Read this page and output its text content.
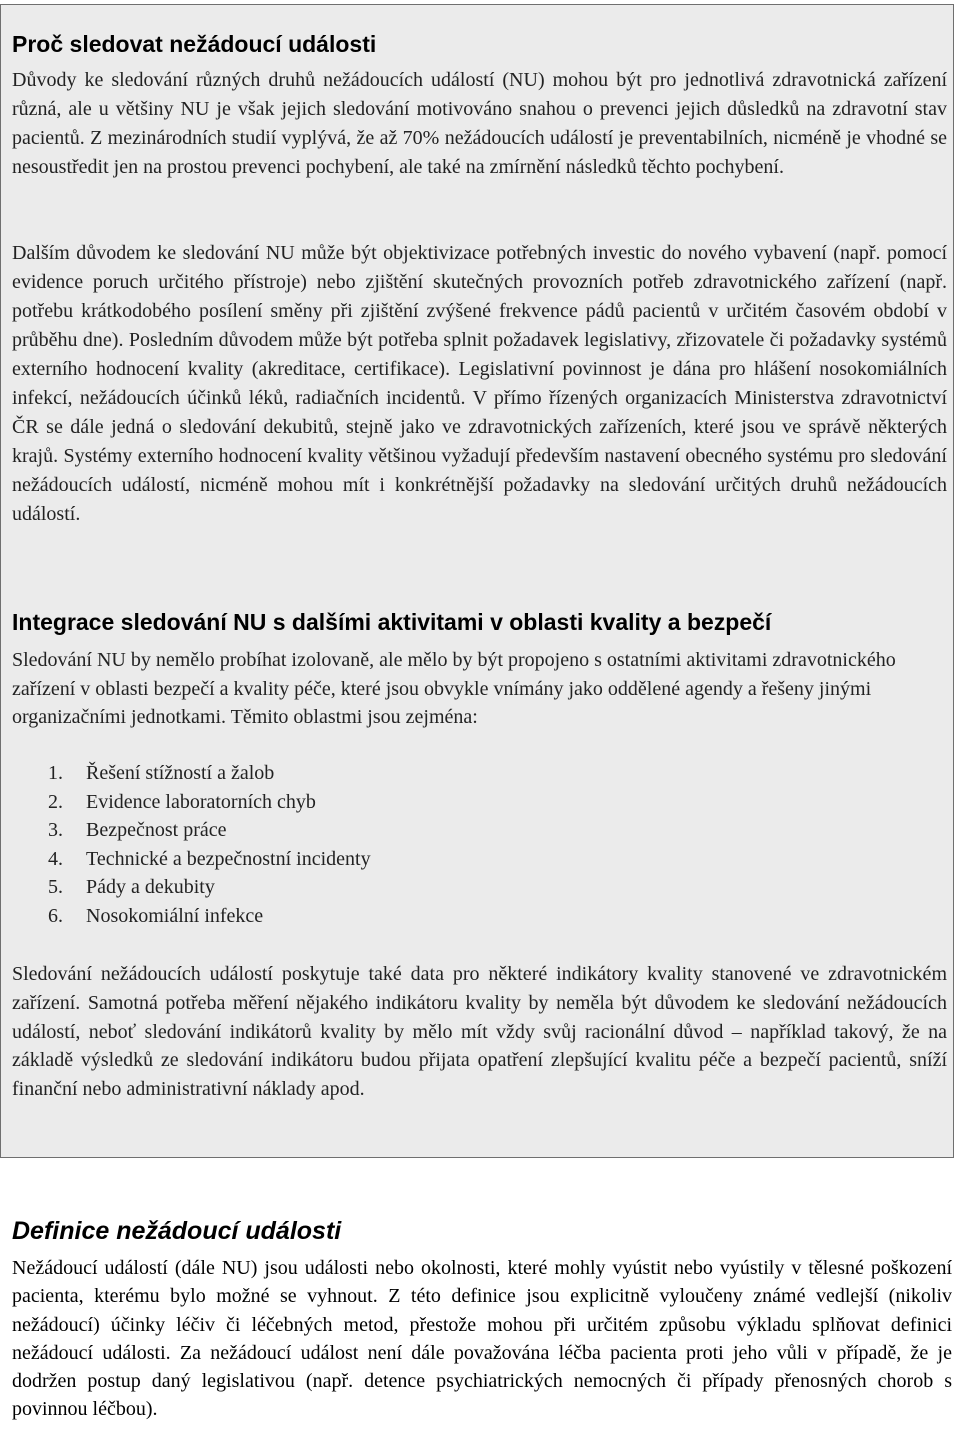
Proč sledovat nežádoucí události

Důvody ke sledování různých druhů nežádoucích událostí (NU) mohou být pro jednotlivá zdravotnická zařízení různá, ale u většiny NU je však jejich sledování motivováno snahou o prevenci jejich důsledků na zdravotní stav pacientů. Z mezinárodních studií vyplývá, že až 70% nežádoucích událostí je preventabilních, nicméně je vhodné se nesoustředit jen na prostou prevenci pochybení, ale také na zmírnění následků těchto pochybení.

Dalším důvodem ke sledování NU může být objektivizace potřebných investic do nového vybavení (např. pomocí evidence poruch určitého přístroje) nebo zjištění skutečných provozních potřeb zdravotnického zařízení (např. potřebu krátkodobého posílení směny při zjištění zvýšené frekvence pádů pacientů v určitém časovém období v průběhu dne). Posledním důvodem může být potřeba splnit požadavek legislativy, zřizovatele či požadavky systémů externího hodnocení kvality (akreditace, certifikace). Legislativní povinnost je dána pro hlášení nosokomiálních infekcí, nežádoucích účinků léků, radiačních incidentů. V přímo řízených organizacích Ministerstva zdravotnictví ČR se dále jedná o sledování dekubitů, stejně jako ve zdravotnických zařízeních, které jsou ve správě některých krajů. Systémy externího hodnocení kvality většinou vyžadují především nastavení obecného systému pro sledování nežádoucích událostí, nicméně mohou mít i konkrétnější požadavky na sledování určitých druhů nežádoucích událostí.

Integrace sledování NU s dalšími aktivitami v oblasti kvality a bezpečí

Sledování NU by nemělo probíhat izolovaně, ale mělo by být propojeno s ostatními aktivitami zdravotnického zařízení v oblasti bezpečí a kvality péče, které jsou obvykle vnímány jako oddělené agendy a řešeny jinými organizačními jednotkami. Těmito oblastmi jsou zejména:

1. Řešení stížností a žalob
2. Evidence laboratorních chyb
3. Bezpečnost práce
4. Technické a bezpečnostní incidenty
5. Pády a dekubity
6. Nosokomiální infekce

Sledování nežádoucích událostí poskytuje také data pro některé indikátory kvality stanovené ve zdravotnickém zařízení. Samotná potřeba měření nějakého indikátoru kvality by neměla být důvodem ke sledování nežádoucích událostí, neboť sledování indikátorů kvality by mělo mít vždy svůj racionální důvod – například takový, že na základě výsledků ze sledování indikátoru budou přijata opatření zlepšující kvalitu péče a bezpečí pacientů, sníží finanční nebo administrativní náklady apod.

Definice nežádoucí události

Nežádoucí událostí (dále NU) jsou události nebo okolnosti, které mohly vyústit nebo vyústily v tělesné poškození pacienta, kterému bylo možné se vyhnout. Z této definice jsou explicitně vyloučeny známé vedlejší (nikoliv nežádoucí) účinky léčiv či léčebných metod, přestože mohou při určitém způsobu výkladu splňovat definici nežádoucí události. Za nežádoucí událost není dále považována léčba pacienta proti jeho vůli v případě, že je dodržen postup daný legislativou (např. detence psychiatrických nemocných či případy přenosných chorob s povinnou léčbou).
